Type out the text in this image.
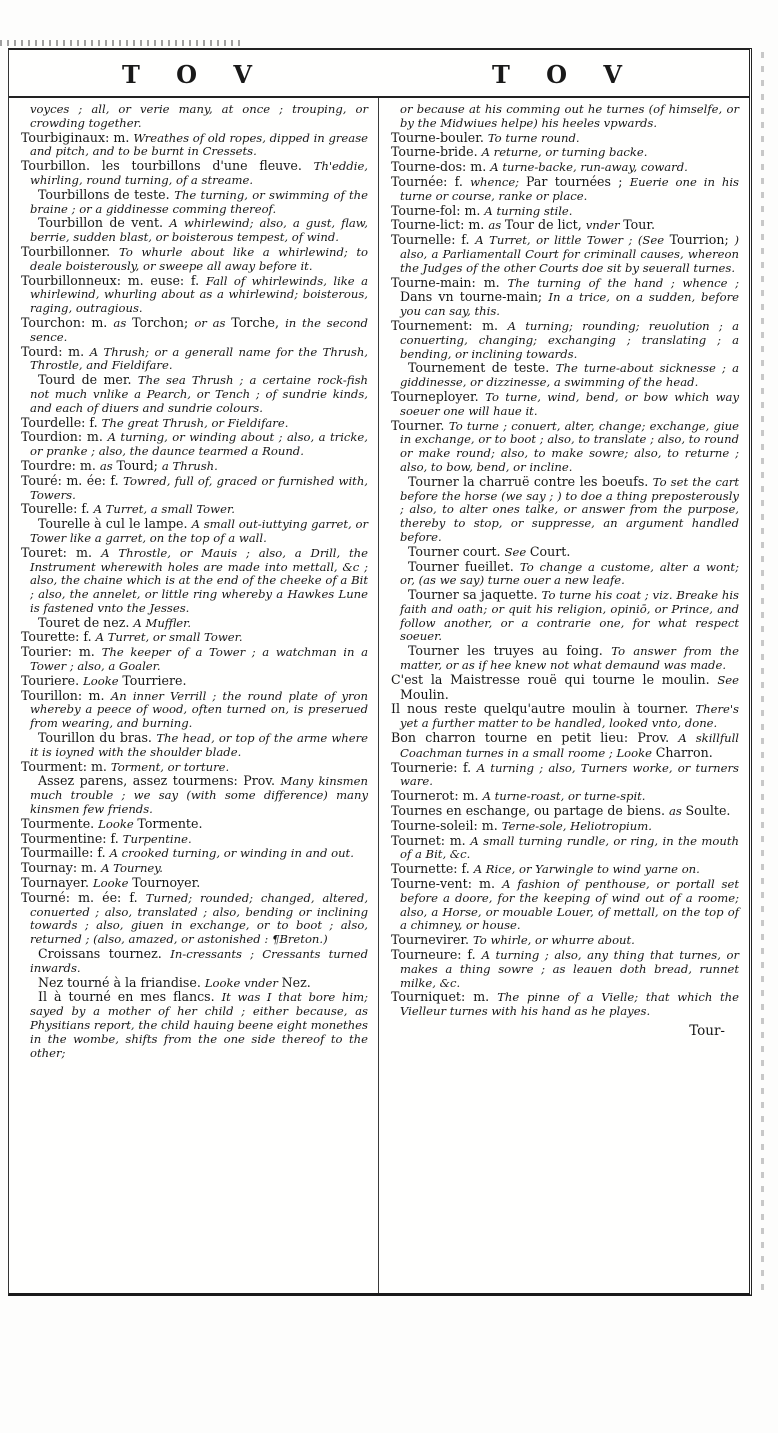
T O V	T O V

voyces ; all, or verie many, at once ; trouping, or crowding together.

Tourbiginaux: m. Wreathes of old ropes, dipped in grease and pitch, and to be burnt in Cressets.

Tourbillon. les tourbillons d'une fleuve. Th'eddie, whirling, round turning, of a streame.

Tourbillons de teste. The turning, or swimming of the braine ; or a giddinesse comming thereof.

Tourbillon de vent. A whirlewind; also, a gust, flaw, berrie, sudden blast, or boisterous tempest, of wind.

Tourbillonner. To whurle about like a whirlewind; to deale boisterously, or sweepe all away before it.

Tourbillonneux: m. euse: f. Fall of whirlewinds, like a whirlewind, whurling about as a whirlewind; boisterous, raging, outragious.

Tourchon: m. as Torchon; or as Torche, in the second sence.

Tourd: m. A Thrush; or a generall name for the Thrush, Throstle, and Fieldifare.

Tourd de mer. The sea Thrush ; a certaine rock-fish not much vnlike a Pearch, or Tench ; of sundrie kinds, and each of diuers and sundrie colours.

Tourdelle: f. The great Thrush, or Fieldifare.

Tourdion: m. A turning, or winding about ; also, a tricke, or pranke ; also, the daunce tearmed a Round.

Tourdre: m. as Tourd; a Thrush.

Touré: m. ée: f. Towred, full of, graced or furnished with, Towers.

Tourelle: f. A Turret, a small Tower.

Tourelle à cul le lampe. A small out-iuttying garret, or Tower like a garret, on the top of a wall.

Touret: m. A Throstle, or Mauis ; also, a Drill, the Instrument wherewith holes are made into mettall, &c ; also, the chaine which is at the end of the cheeke of a Bit ; also, the annelet, or little ring whereby a Hawkes Lune is fastened vnto the Jesses.

Touret de nez. A Muffler.

Tourette: f. A Turret, or small Tower.

Tourier: m. The keeper of a Tower ; a watchman in a Tower ; also, a Goaler.

Touriere. Looke Tourriere.

Tourillon: m. An inner Verrill ; the round plate of yron whereby a peece of wood, often turned on, is preserued from wearing, and burning.

Tourillon du bras. The head, or top of the arme where it is ioyned with the shoulder blade.

Tourment: m. Torment, or torture.

Assez parens, assez tourmens: Prov. Many kinsmen much trouble ; we say (with some difference) many kinsmen few friends.

Tourmente. Looke Tormente.

Tourmentine: f. Turpentine.

Tourmaille: f. A crooked turning, or winding in and out.

Tournay: m. A Tourney.

Tournayer. Looke Tournoyer.

Tourné: m. ée: f. Turned; rounded; changed, altered, conuerted ; also, translated ; also, bending or inclining towards ; also, giuen in exchange, or to boot ; also, returned ; (also, amazed, or astonished : ¶Breton.)

Croissans tournez. In-cressants ; Cressants turned inwards.

Nez tourné à la friandise. Looke vnder Nez.

Il à tourné en mes flancs. It was I that bore him; sayed by a mother of her child ; either because, as Physitians report, the child hauing beene eight monethes in the wombe, shifts from the one side thereof to the other;

or because at his comming out he turnes (of himselfe, or by the Midwiues helpe) his heeles vpwards.

Tourne-bouler. To turne round.

Tourne-bride. A returne, or turning backe.

Tourne-dos: m. A turne-backe, run-away, coward.

Tournée: f. whence; Par tournées ; Euerie one in his turne or course, ranke or place.

Tourne-fol: m. A turning stile.

Tourne-lict: m. as Tour de lict, vnder Tour.

Tournelle: f. A Turret, or little Tower ; (See Tourrion; ) also, a Parliamentall Court for criminall causes, whereon the Judges of the other Courts doe sit by seuerall turnes.

Tourne-main: m. The turning of the hand ; whence ; Dans vn tourne-main; In a trice, on a sudden, before you can say, this.

Tournement: m. A turning; rounding; reuolution ; a conuerting, changing; exchanging ; translating ; a bending, or inclining towards.

Tournement de teste. The turne-about sicknesse ; a giddinesse, or dizzinesse, a swimming of the head.

Tourneployer. To turne, wind, bend, or bow which way soeuer one will haue it.

Tourner. To turne ; conuert, alter, change; exchange, giue in exchange, or to boot ; also, to translate ; also, to round or make round; also, to make sowre; also, to returne ; also, to bow, bend, or incline.

Tourner la charruë contre les boeufs. To set the cart before the horse (we say ; ) to doe a thing preposterously ; also, to alter ones talke, or answer from the purpose, thereby to stop, or suppresse, an argument handled before.

Tourner court. See Court.

Tourner fueillet. To change a custome, alter a wont; or, (as we say) turne ouer a new leafe.

Tourner sa jaquette. To turne his coat ; viz. Breake his faith and oath; or quit his religion, opiniō, or Prince, and follow another, or a contrarie one, for what respect soeuer.

Tourner les truyes au foing. To answer from the matter, or as if hee knew not what demaund was made.

C'est la Maistresse rouë qui tourne le moulin. See Moulin.

Il nous reste quelqu'autre moulin à tourner. There's yet a further matter to be handled, looked vnto, done.

Bon charron tourne en petit lieu: Prov. A skillfull Coachman turnes in a small roome ; Looke Charron.

Tournerie: f. A turning ; also, Turners worke, or turners ware.

Tournerot: m. A turne-roast, or turne-spit.

Tournes en eschange, ou partage de biens. as Soulte.

Tourne-soleil: m. Terne-sole, Heliotropium.

Tournet: m. A small turning rundle, or ring, in the mouth of a Bit, &c.

Tournette: f. A Rice, or Yarwingle to wind yarne on.

Tourne-vent: m. A fashion of penthouse, or portall set before a doore, for the keeping of wind out of a roome; also, a Horse, or mouable Louer, of mettall, on the top of a chimney, or house.

Tournevirer. To whirle, or whurre about.

Tourneure: f. A turning ; also, any thing that turnes, or makes a thing sowre ; as leauen doth bread, runnet milke, &c.

Tourniquet: m. The pinne of a Vielle; that which the Vielleur turnes with his hand as he playes.

Tour-
